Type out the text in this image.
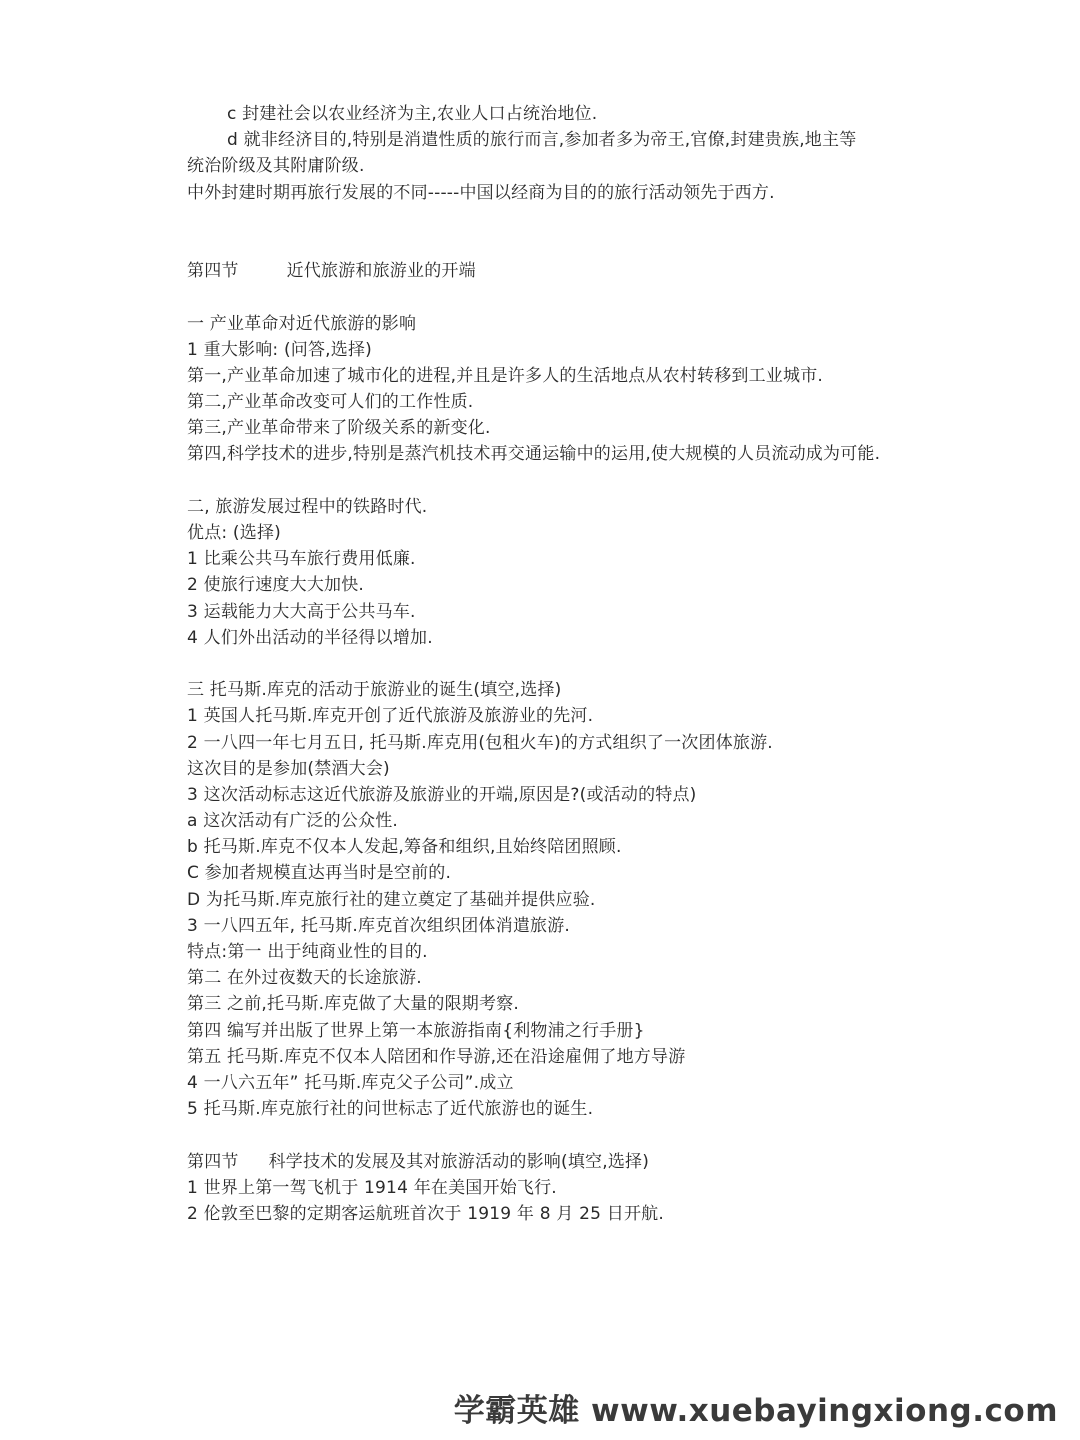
c 封建社会以农业经济为主,农业人口占统治地位.
d 就非经济目的,特别是消遣性质的旅行而言,参加者多为帝王,官僚,封建贵族,地主等
统治阶级及其附庸阶级.
中外封建时期再旅行发展的不同-----中国以经商为目的的旅行活动领先于西方.
第四节	近代旅游和旅游业的开端
一 产业革命对近代旅游的影响
1 重大影响: (问答,选择)
第一,产业革命加速了城市化的进程,并且是许多人的生活地点从农村转移到工业城市.
第二,产业革命改变可人们的工作性质.
第三,产业革命带来了阶级关系的新变化.
第四,科学技术的进步,特别是蒸汽机技术再交通运输中的运用,使大规模的人员流动成为可能.
二, 旅游发展过程中的铁路时代.
优点: (选择)
1 比乘公共马车旅行费用低廉.
2 使旅行速度大大加快.
3 运载能力大大高于公共马车.
4 人们外出活动的半径得以增加.
三 托马斯.库克的活动于旅游业的诞生(填空,选择)
1 英国人托马斯.库克开创了近代旅游及旅游业的先河.
2 一八四一年七月五日, 托马斯.库克用(包租火车)的方式组织了一次团体旅游.
这次目的是参加(禁酒大会)
3 这次活动标志这近代旅游及旅游业的开端,原因是?(或活动的特点)
a 这次活动有广泛的公众性.
b 托马斯.库克不仅本人发起,筹备和组织,且始终陪团照顾.
C 参加者规模直达再当时是空前的.
D 为托马斯.库克旅行社的建立奠定了基础并提供应验.
3 一八四五年, 托马斯.库克首次组织团体消遣旅游.
特点:第一 出于纯商业性的目的.
第二 在外过夜数天的长途旅游.
第三 之前,托马斯.库克做了大量的限期考察.
第四 编写并出版了世界上第一本旅游指南{利物浦之行手册}
第五 托马斯.库克不仅本人陪团和作导游,还在沿途雇佣了地方导游
4 一八六五年” 托马斯.库克父子公司”.成立
5 托马斯.库克旅行社的问世标志了近代旅游也的诞生.
第四节 科学技术的发展及其对旅游活动的影响(填空,选择)
1 世界上第一驾飞机于 1914 年在美国开始飞行.
2 伦敦至巴黎的定期客运航班首次于 1919 年 8 月 25 日开航.
学霸英雄 www.xuebayingxiong.com
